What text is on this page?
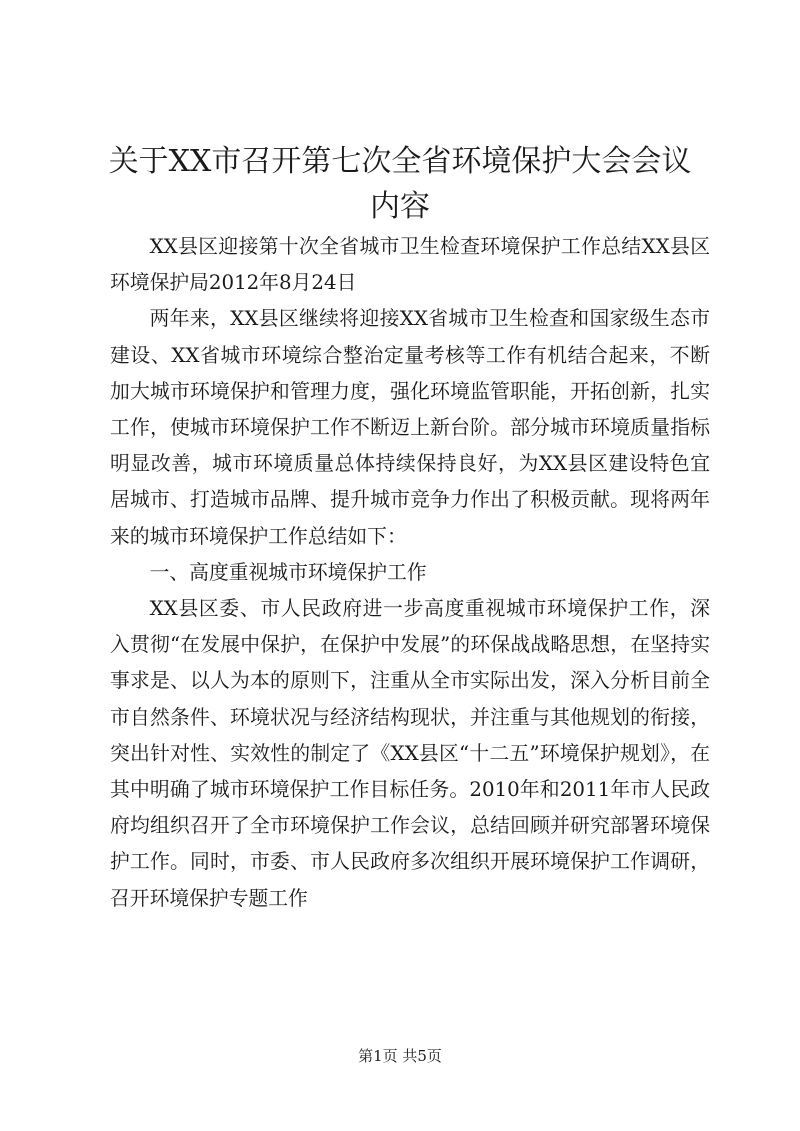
关于XX市召开第七次全省环境保护大会会议
内容

XX县区迎接第十次全省城市卫生检查环境保护工作总结XX县区环境保护局2012年8月24日

两年来，XX县区继续将迎接XX省城市卫生检查和国家级生态市建设、XX省城市环境综合整治定量考核等工作有机结合起来，不断加大城市环境保护和管理力度，强化环境监管职能，开拓创新，扎实工作，使城市环境保护工作不断迈上新台阶。部分城市环境质量指标明显改善，城市环境质量总体持续保持良好，为XX县区建设特色宜居城市、打造城市品牌、提升城市竞争力作出了积极贡献。现将两年来的城市环境保护工作总结如下：

一、高度重视城市环境保护工作

XX县区委、市人民政府进一步高度重视城市环境保护工作，深入贯彻“在发展中保护，在保护中发展”的环保战战略思想，在坚持实事求是、以人为本的原则下，注重从全市实际出发，深入分析目前全市自然条件、环境状况与经济结构现状，并注重与其他规划的衔接，突出针对性、实效性的制定了《XX县区“十二五”环境保护规划》，在其中明确了城市环境保护工作目标任务。2010年和2011年市人民政府均组织召开了全市环境保护工作会议，总结回顾并研究部署环境保护工作。同时，市委、市人民政府多次组织开展环境保护工作调研，召开环境保护专题工作

第1页 共5页
